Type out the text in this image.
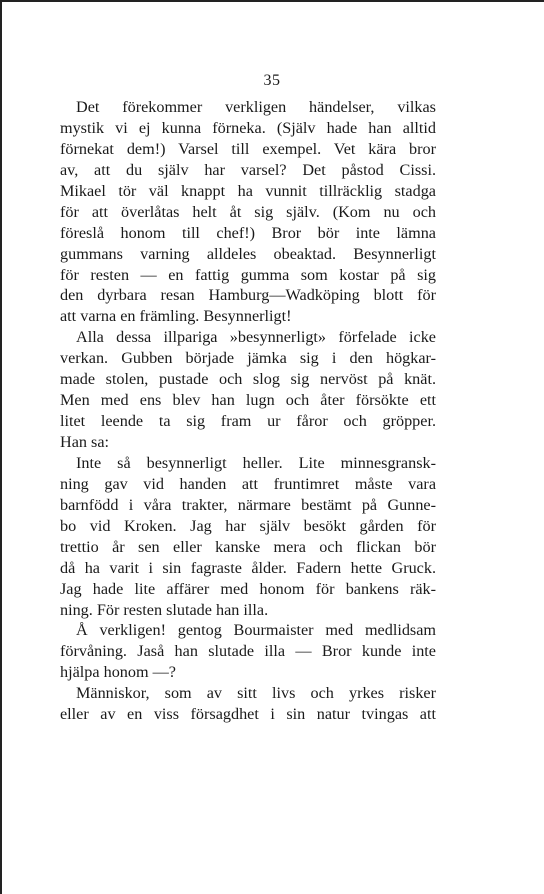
35
Det förekommer verkligen händelser, vilkas
mystik vi ej kunna förneka. (Själv hade han alltid
förnekat dem!) Varsel till exempel. Vet kära bror
av, att du själv har varsel? Det påstod Cissi.
Mikael tör väl knappt ha vunnit tillräcklig stadga
för att överlåtas helt åt sig själv. (Kom nu och
föreslå honom till chef!) Bror bör inte lämna
gummans varning alldeles obeaktad. Besynnerligt
för resten — en fattig gumma som kostar på sig
den dyrbara resan Hamburg—Wadköping blott för
att varna en främling. Besynnerligt!
Alla dessa illpariga »besynnerligt» förfelade icke
verkan. Gubben började jämka sig i den högkar-
made stolen, pustade och slog sig nervöst på knät.
Men med ens blev han lugn och åter försökte ett
litet leende ta sig fram ur fåror och gröpper.
Han sa:
Inte så besynnerligt heller. Lite minnesgransk-
ning gav vid handen att fruntimret måste vara
barnfödd i våra trakter, närmare bestämt på Gunne-
bo vid Kroken. Jag har själv besökt gården för
trettio år sen eller kanske mera och flickan bör
då ha varit i sin fagraste ålder. Fadern hette Gruck.
Jag hade lite affärer med honom för bankens räk-
ning. För resten slutade han illa.
Å verkligen! gentog Bourmaister med medlidsam
förvåning. Jaså han slutade illa — Bror kunde inte
hjälpa honom —?
Människor, som av sitt livs och yrkes risker
eller av en viss försagdhet i sin natur tvingas att
